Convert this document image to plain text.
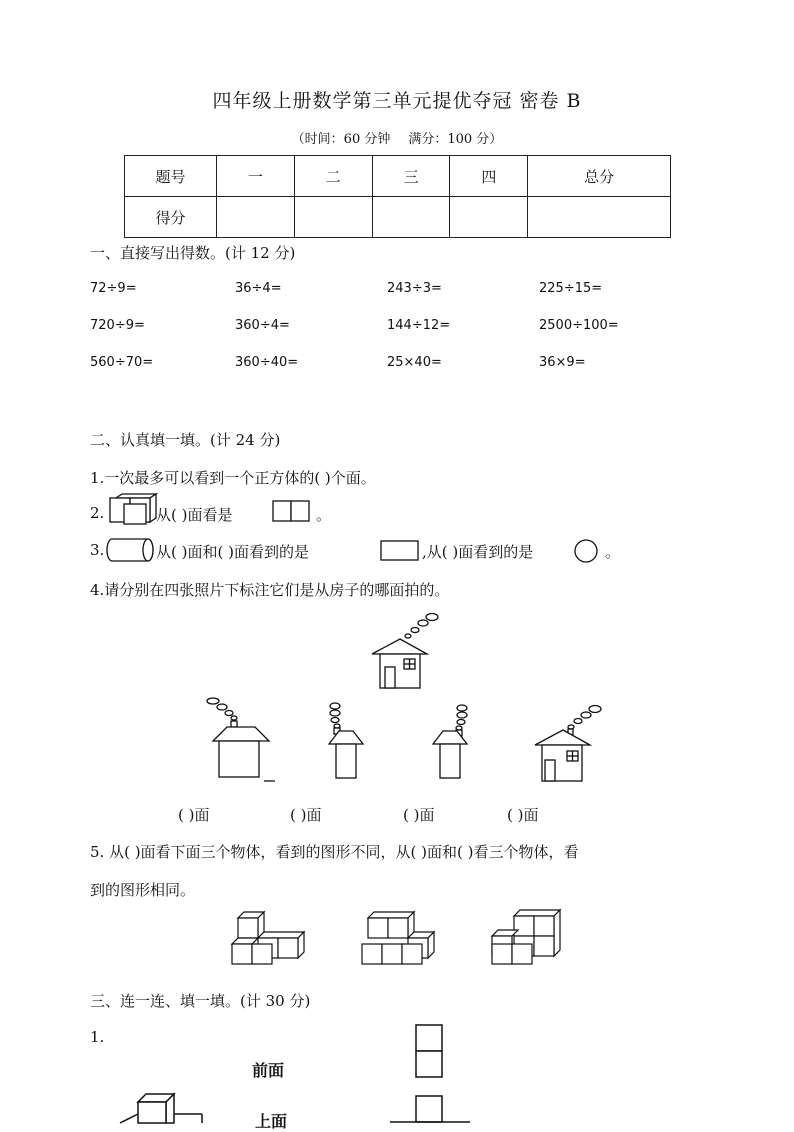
四年级上册数学第三单元提优夺冠 密卷 B
（时间：60 分钟 满分：100 分）
题号	一	二	三	四	总分
得分					
一、直接写出得数。(计 12 分)
72÷9=	36÷4=	243÷3=	225÷15=
720÷9=	360÷4=	144÷12=	2500÷100=
560÷70=	360÷40=	25×40=	36×9=
二、认真填一填。(计 24 分)
1.一次最多可以看到一个正方体的( )个面。
2.	从( )面看是	。
3.	从( )面和( )面看到的是	,从( )面看到的是	。
4.请分别在四张照片下标注它们是从房子的哪面拍的。
( )面	( )面	( )面	( )面
5. 从( )面看下面三个物体，看到的图形不同，从( )面和( )看三个物体，看
到的图形相同。
三、连一连、填一填。(计 30 分)
1.
前面
上面
